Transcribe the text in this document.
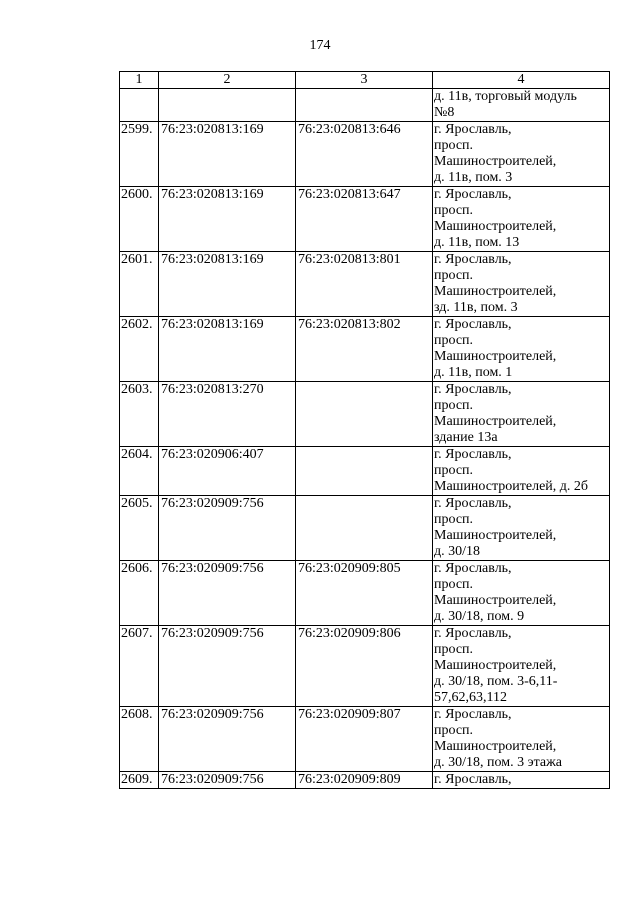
174
1	2	3	4
			д. 11в, торговый модуль
№8
2599.	76:23:020813:169	76:23:020813:646	г. Ярославль,
просп.
Машиностроителей,
д. 11в, пом. 3
2600.	76:23:020813:169	76:23:020813:647	г. Ярославль,
просп.
Машиностроителей,
д. 11в, пом. 13
2601.	76:23:020813:169	76:23:020813:801	г. Ярославль,
просп.
Машиностроителей,
зд. 11в, пом. 3
2602.	76:23:020813:169	76:23:020813:802	г. Ярославль,
просп.
Машиностроителей,
д. 11в, пом. 1
2603.	76:23:020813:270		г. Ярославль,
просп.
Машиностроителей,
здание 13а
2604.	76:23:020906:407		г. Ярославль,
просп.
Машиностроителей, д. 2б
2605.	76:23:020909:756		г. Ярославль,
просп.
Машиностроителей,
д. 30/18
2606.	76:23:020909:756	76:23:020909:805	г. Ярославль,
просп.
Машиностроителей,
д. 30/18, пом. 9
2607.	76:23:020909:756	76:23:020909:806	г. Ярославль,
просп.
Машиностроителей,
д. 30/18, пом. 3-6,11-
57,62,63,112
2608.	76:23:020909:756	76:23:020909:807	г. Ярославль,
просп.
Машиностроителей,
д. 30/18, пом. 3 этажа
2609.	76:23:020909:756	76:23:020909:809	г. Ярославль,
